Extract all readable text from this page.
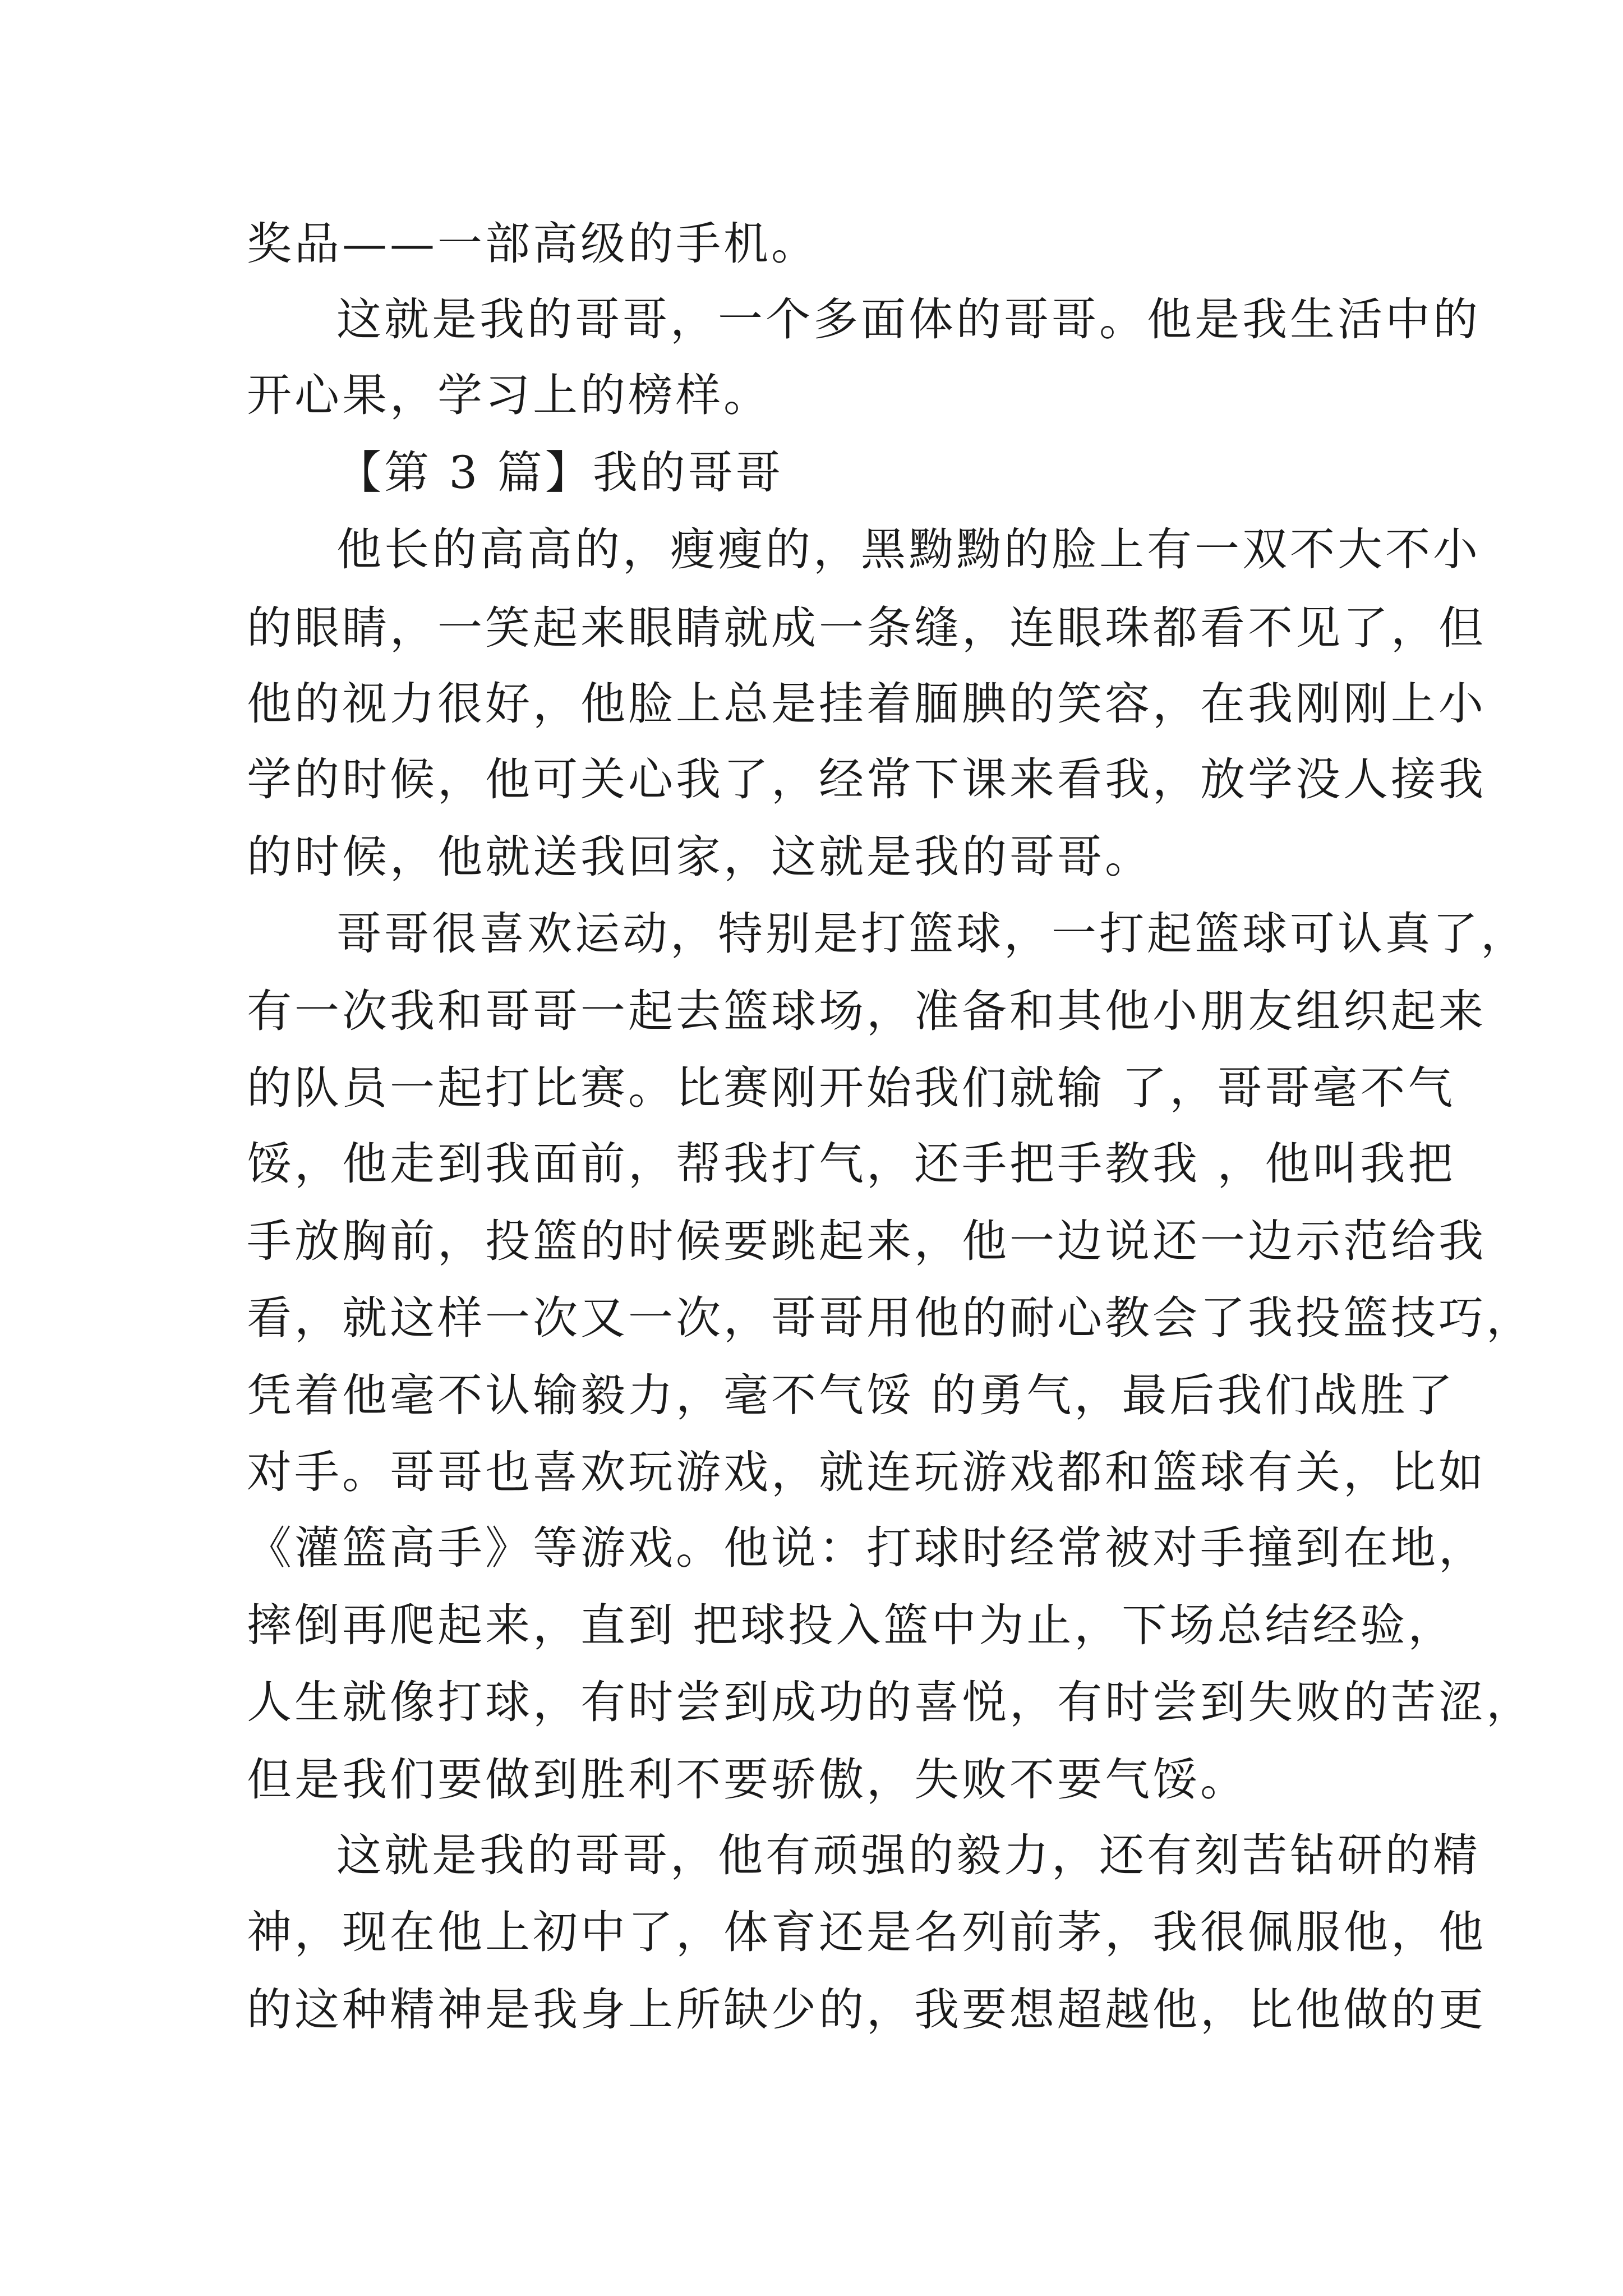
奖品——一部高级的手机。

这就是我的哥哥，一个多面体的哥哥。他是我生活中的

开心果，学习上的榜样。

【第 3 篇】我的哥哥

他长的高高的，瘦瘦的，黑黝黝的脸上有一双不大不小

的眼睛，一笑起来眼睛就成一条缝，连眼珠都看不见了，但

他的视力很好，他脸上总是挂着腼腆的笑容，在我刚刚上小

学的时候，他可关心我了，经常下课来看我，放学没人接我

的时候，他就送我回家，这就是我的哥哥。

哥哥很喜欢运动，特别是打篮球，一打起篮球可认真了，

有一次我和哥哥一起去篮球场，准备和其他小朋友组织起来

的队员一起打比赛。比赛刚开始我们就输 了，哥哥毫不气

馁，他走到我面前，帮我打气，还手把手教我 ，他叫我把

手放胸前，投篮的时候要跳起来，他一边说还一边示范给我

看，就这样一次又一次，哥哥用他的耐心教会了我投篮技巧，

凭着他毫不认输毅力，毫不气馁 的勇气，最后我们战胜了

对手。哥哥也喜欢玩游戏，就连玩游戏都和篮球有关，比如

《灌篮高手》等游戏。他说：打球时经常被对手撞到在地，

摔倒再爬起来，直到 把球投入篮中为止，下场总结经验，

人生就像打球，有时尝到成功的喜悦，有时尝到失败的苦涩，

但是我们要做到胜利不要骄傲，失败不要气馁。

这就是我的哥哥，他有顽强的毅力，还有刻苦钻研的精

神，现在他上初中了，体育还是名列前茅，我很佩服他，他

的这种精神是我身上所缺少的，我要想超越他，比他做的更
